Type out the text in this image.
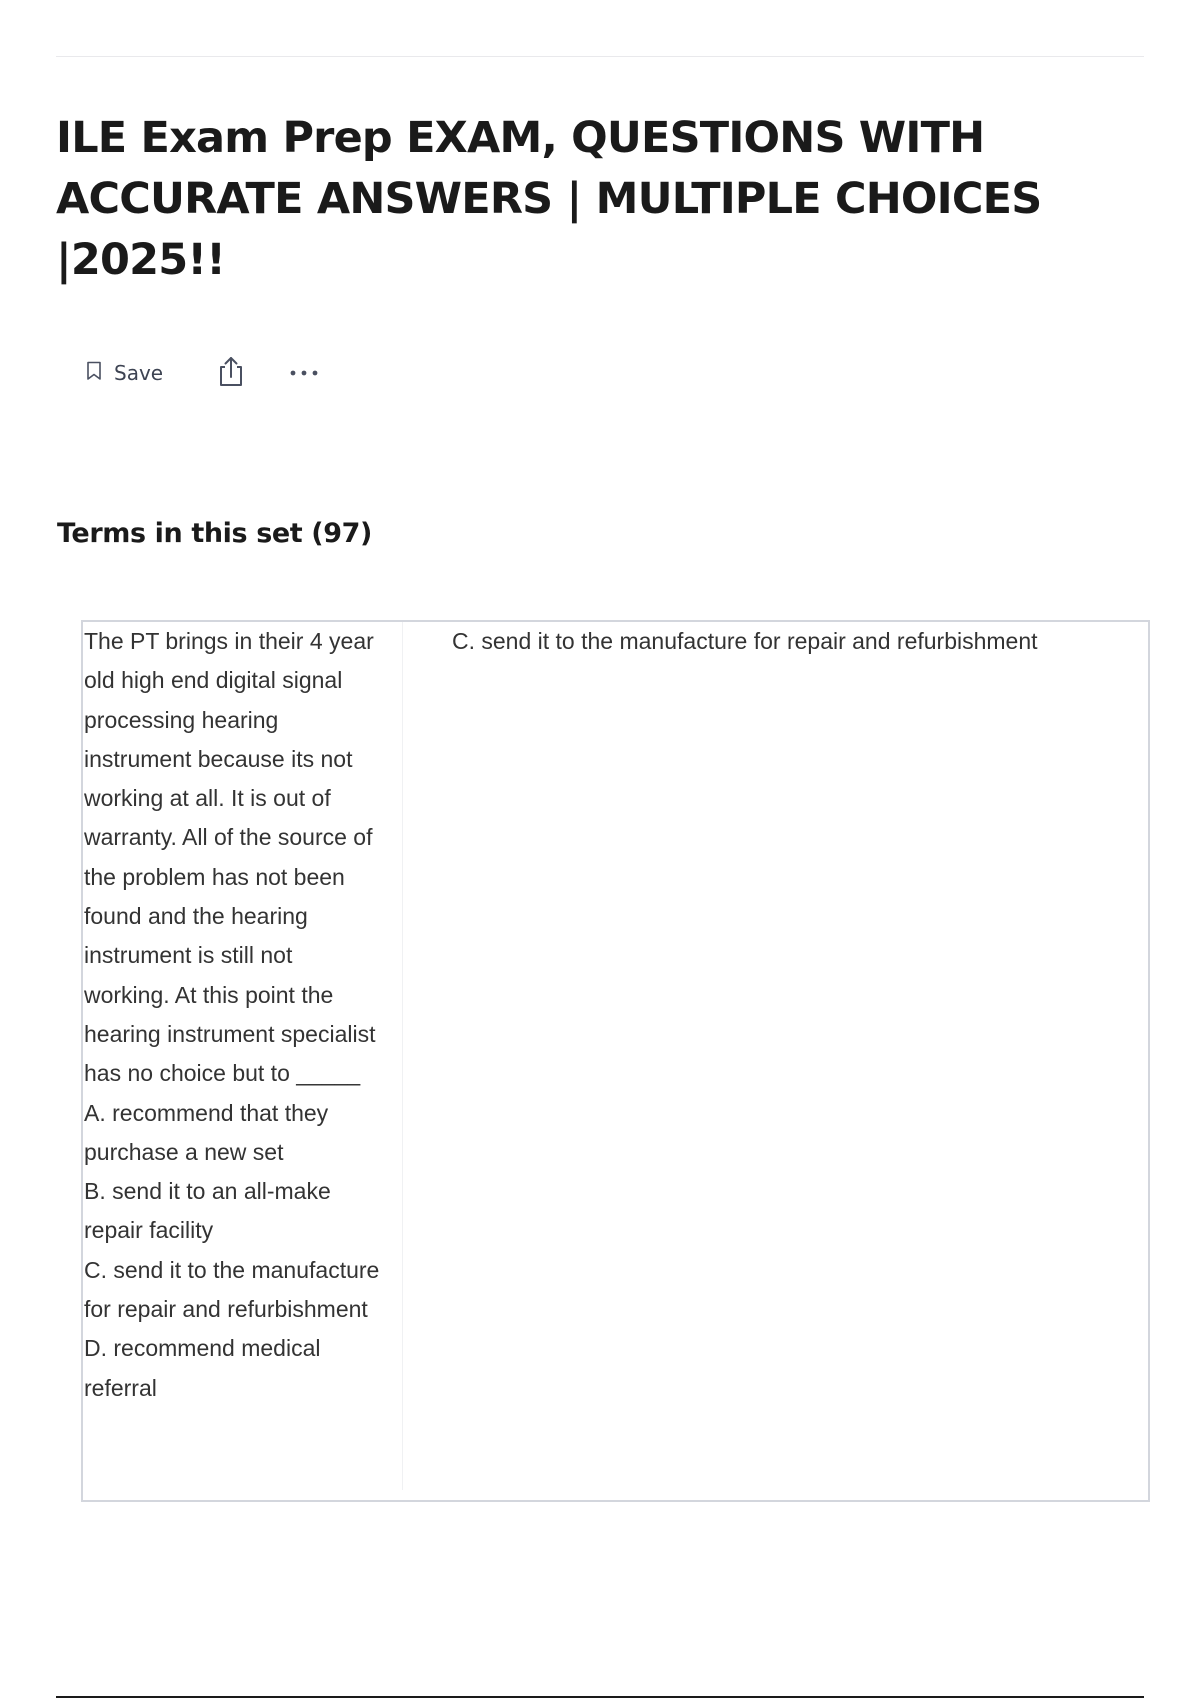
ILE Exam Prep EXAM, QUESTIONS WITH ACCURATE ANSWERS | MULTIPLE CHOICES |2025!!
Save
Terms in this set (97)

The PT brings in their 4 year old high end digital signal processing hearing instrument because its not working at all. It is out of warranty. All of the source of the problem has not been found and the hearing instrument is still not working. At this point the hearing instrument specialist has no choice but to _____
A. recommend that they purchase a new set
B. send it to an all-make repair facility
C. send it to the manufacture for repair and refurbishment
D. recommend medical referral

C. send it to the manufacture for repair and refurbishment
